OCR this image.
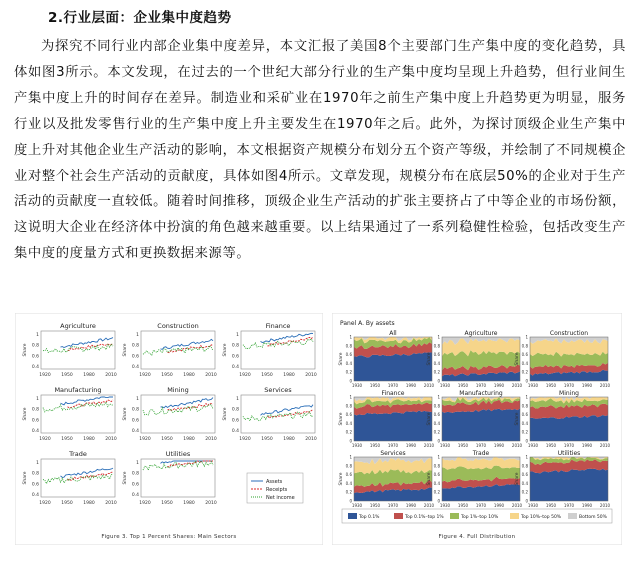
2.行业层面：企业集中度趋势
为探究不同行业内部企业集中度差异，本文汇报了美国8个主要部门生产集中度的变化趋势，具体如图3所示。本文发现，在过去的一个世纪大部分行业的生产集中度均呈现上升趋势，但行业间生产集中度上升的时间存在差异。制造业和采矿业在1970年之前生产集中度上升趋势更为明显，服务行业以及批发零售行业的生产集中度上升主要发生在1970年之后。此外，为探讨顶级企业生产集中度上升对其他企业生产活动的影响，本文根据资产规模分布划分五个资产等级，并绘制了不同规模企业对整个社会生产活动的贡献度，具体如图4所示。文章发现，规模分布在底层50%的企业对于生产活动的贡献度一直较低。随着时间推移，顶级企业生产活动的扩张主要挤占了中等企业的市场份额，这说明大企业在经济体中扮演的角色越来越重要。以上结果通过了一系列稳健性检验，包括改变生产集中度的度量方式和更换数据来源等。
Agriculture
0.4
0.6
0.8
1
Share
1920 1950 1980 2010
Construction
0.4
0.6
0.8
1
Share
1920 1950 1980 2010
Finance
0.4
0.6
0.8
1
Share
1920 1950 1980 2010
Manufacturing
0.4
0.6
0.8
1
Share
1920 1950 1980 2010
Mining
0.4
0.6
0.8
1
Share
1920 1950 1980 2010
Services
0.4
0.6
0.8
1
Share
1920 1950 1980 2010
Trade
0.4
0.6
0.8
1
Share
1920 1950 1980 2010
Utilities
0.4
0.6
0.8
1
Share
1920 1950 1980 2010
Assets
Receipts
Net income
Figure 3. Top 1 Percent Shares: Main Sectors
Panel A. By assets
All
0
0.2
0.4
0.6
0.8
1
Share
1930 1950 1970 1990 2010
Agriculture
0
0.2
0.4
0.6
0.8
1
Share
1930 1950 1970 1990 2010
Construction
0
0.2
0.4
0.6
0.8
1
Share
1930 1950 1970 1990 2010
Finance
0
0.2
0.4
0.6
0.8
1
Share
1930 1950 1970 1990 2010
Manufacturing
0
0.2
0.4
0.6
0.8
1
Share
1930 1950 1970 1990 2010
Mining
0
0.2
0.4
0.6
0.8
1
Share
1930 1950 1970 1990 2010
Services
0
0.2
0.4
0.6
0.8
1
Share
1930 1950 1970 1990 2010
Trade
0
0.2
0.4
0.6
0.8
1
Share
1930 1950 1970 1990 2010
Utilities
0
0.2
0.4
0.6
0.8
1
Share
1930 1950 1970 1990 2010
Top 0.1%	Top 0.1%–top 1%	Top 1%–top 10%	Top 10%–top 50%	Bottom 50%
Figure 4. Full Distribution
